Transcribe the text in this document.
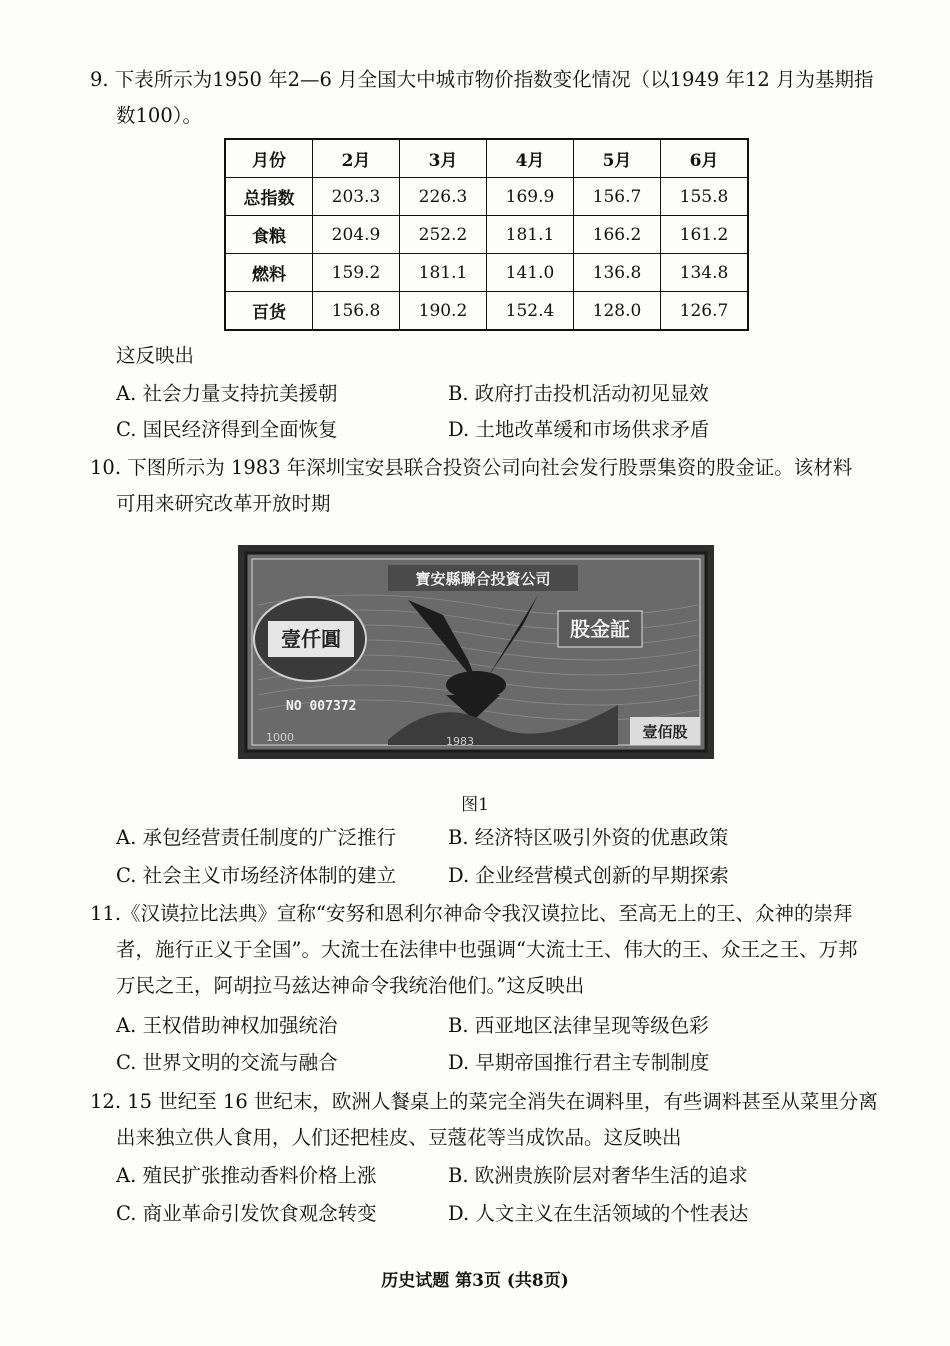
9. 下表所示为1950 年2—6 月全国大中城市物价指数变化情况（以1949 年12 月为基期指
数100）。
月份	2月	3月	4月	5月	6月
总指数	203.3	226.3	169.9	156.7	155.8
食粮	204.9	252.2	181.1	166.2	161.2
燃料	159.2	181.1	141.0	136.8	134.8
百货	156.8	190.2	152.4	128.0	126.7
这反映出
A. 社会力量支持抗美援朝	B. 政府打击投机活动初见显效
C. 国民经济得到全面恢复	D. 土地改革缓和市场供求矛盾
10. 下图所示为 1983 年深圳宝安县联合投资公司向社会发行股票集资的股金证。该材料
可用来研究改革开放时期
寶安縣聯合投資公司
壹仟圓	股金証
NO 007372
壹佰股
1000	1983
图1
A. 承包经营责任制度的广泛推行	B. 经济特区吸引外资的优惠政策
C. 社会主义市场经济体制的建立	D. 企业经营模式创新的早期探索
11.《汉谟拉比法典》宣称“安努和恩利尔神命令我汉谟拉比、至高无上的王、众神的崇拜
者，施行正义于全国”。大流士在法律中也强调“大流士王、伟大的王、众王之王、万邦
万民之王，阿胡拉马兹达神命令我统治他们。”这反映出
A. 王权借助神权加强统治	B. 西亚地区法律呈现等级色彩
C. 世界文明的交流与融合	D. 早期帝国推行君主专制制度
12. 15 世纪至 16 世纪末，欧洲人餐桌上的菜完全消失在调料里，有些调料甚至从菜里分离
出来独立供人食用，人们还把桂皮、豆蔻花等当成饮品。这反映出
A. 殖民扩张推动香料价格上涨	B. 欧洲贵族阶层对奢华生活的追求
C. 商业革命引发饮食观念转变	D. 人文主义在生活领域的个性表达
历史试题 第3页 (共8页)
